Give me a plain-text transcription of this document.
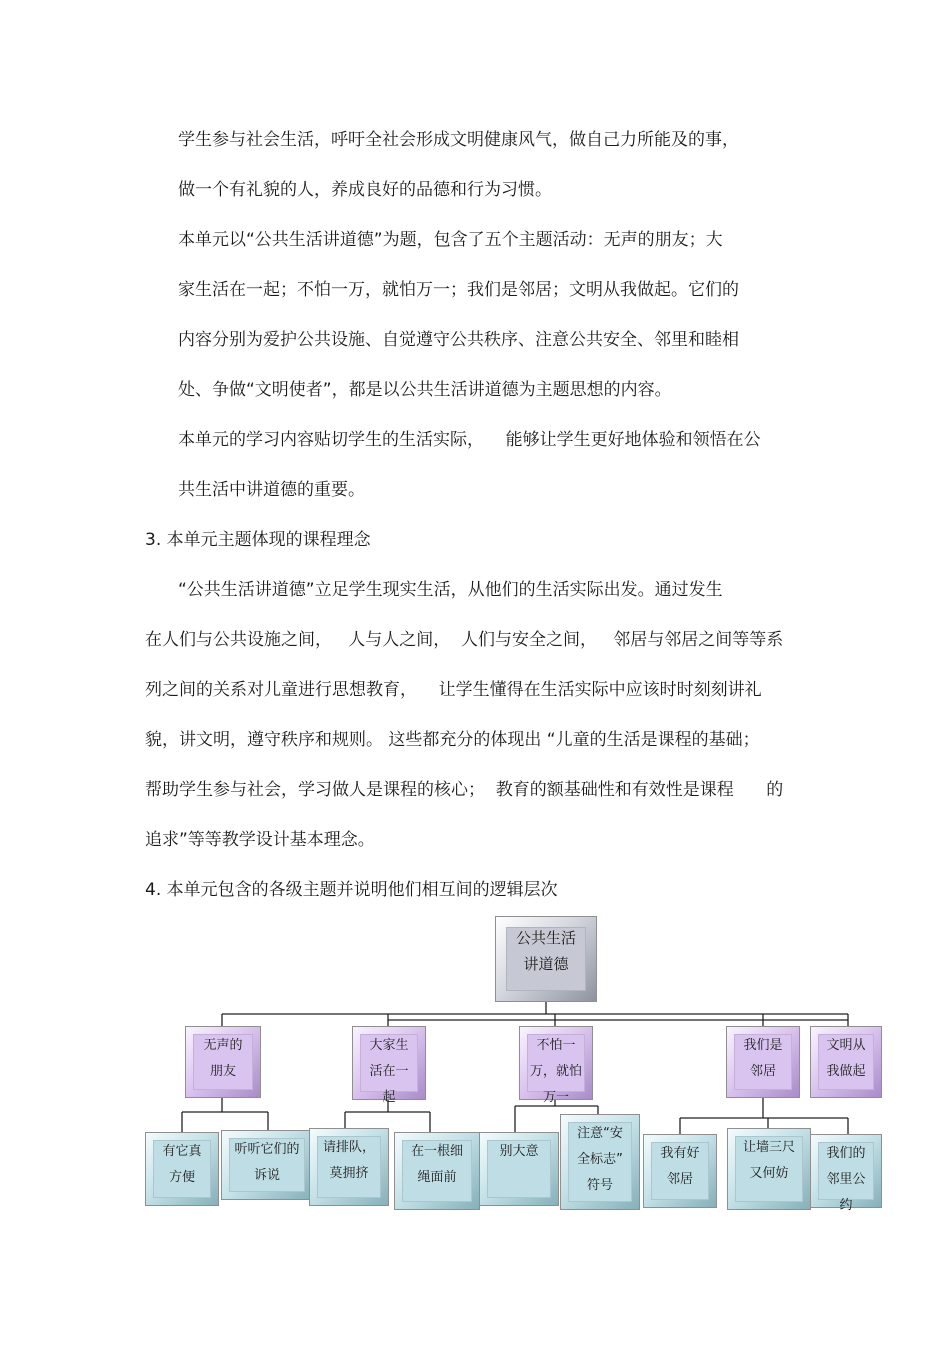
学生参与社会生活，呼吁全社会形成文明健康风气，做自己力所能及的事，
做一个有礼貌的人，养成良好的品德和行为习惯。
本单元以“公共生活讲道德”为题，包含了五个主题活动：无声的朋友；大
家生活在一起；不怕一万，就怕万一；我们是邻居；文明从我做起。它们的
内容分别为爱护公共设施、自觉遵守公共秩序、注意公共安全、邻里和睦相
处、争做“文明使者”，都是以公共生活讲道德为主题思想的内容。
本单元的学习内容贴切学生的生活实际，    能够让学生更好地体验和领悟在公
共生活中讲道德的重要。
3. 本单元主题体现的课程理念
“公共生活讲道德”立足学生现实生活，从他们的生活实际出发。通过发生
在人们与公共设施之间，   人与人之间，  人们与安全之间，   邻居与邻居之间等等系
列之间的关系对儿童进行思想教育，    让学生懂得在生活实际中应该时时刻刻讲礼
貌，讲文明，遵守秩序和规则。 这些都充分的体现出 “儿童的生活是课程的基础；
帮助学生参与社会，学习做人是课程的核心；  教育的额基础性和有效性是课程      的
追求”等等教学设计基本理念。
4. 本单元包含的各级主题并说明他们相互间的逻辑层次
公共生活
讲道德
无声的
朋友
大家生
活在一
起
不怕一
万，就怕
万一
我们是
邻居
文明从
我做起
有它真
方便
听听它们的
诉说
请排队，
莫拥挤
在一根细
绳面前
别大意
注意“安
全标志”
符号
我有好
邻居
让墙三尺
又何妨
我们的
邻里公
约
